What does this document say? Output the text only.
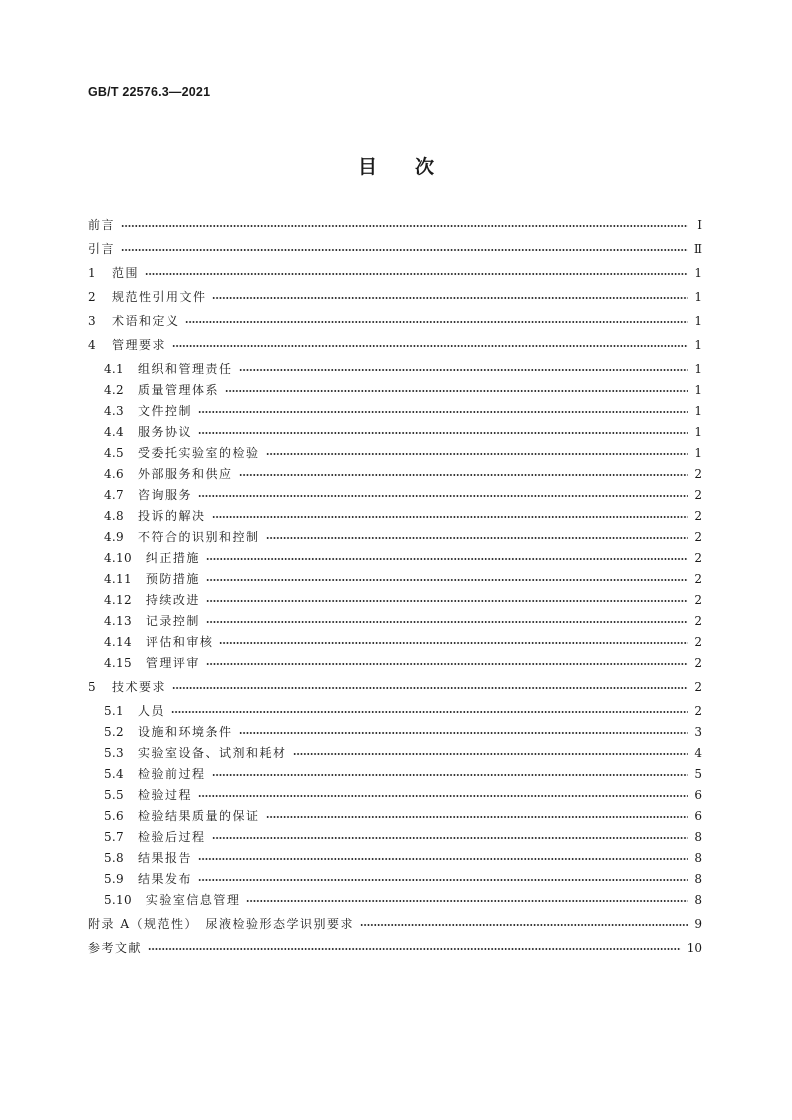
GB/T 22576.3—2021
目　　次
前言	Ⅰ
引言	Ⅱ
1 范围	1
2 规范性引用文件	1
3 术语和定义	1
4 管理要求	1
4.1 组织和管理责任	1
4.2 质量管理体系	1
4.3 文件控制	1
4.4 服务协议	1
4.5 受委托实验室的检验	1
4.6 外部服务和供应	2
4.7 咨询服务	2
4.8 投诉的解决	2
4.9 不符合的识别和控制	2
4.10 纠正措施	2
4.11 预防措施	2
4.12 持续改进	2
4.13 记录控制	2
4.14 评估和审核	2
4.15 管理评审	2
5 技术要求	2
5.1 人员	2
5.2 设施和环境条件	3
5.3 实验室设备、试剂和耗材	4
5.4 检验前过程	5
5.5 检验过程	6
5.6 检验结果质量的保证	6
5.7 检验后过程	8
5.8 结果报告	8
5.9 结果发布	8
5.10 实验室信息管理	8
附录 A（规范性）　尿液检验形态学识别要求	9
参考文献	10
